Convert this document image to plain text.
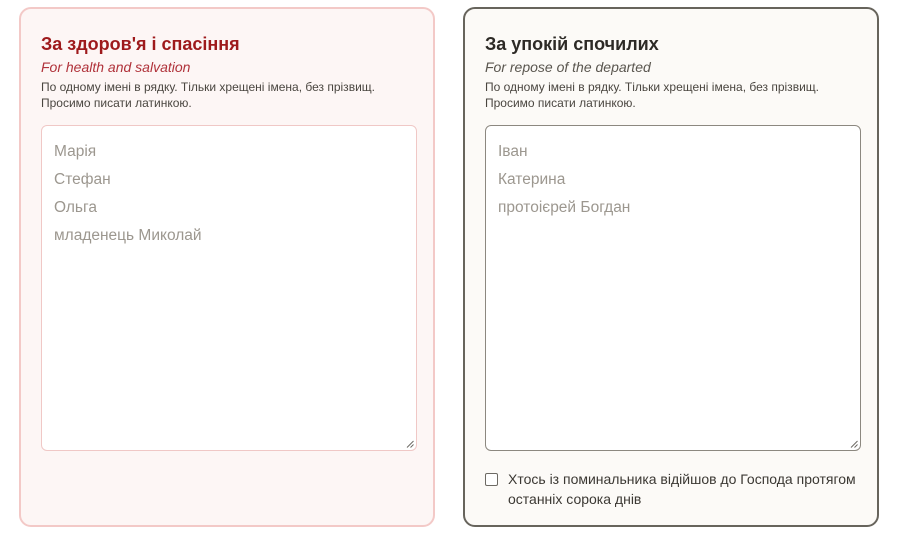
За здоров'я і спасіння

For health and salvation

По одному імені в рядку. Тільки хрещені імена, без прізвищ.
Просимо писати латинкою.

Марія
Стефан
Ольга
младенець Миколай
За упокій спочилих

For repose of the departed

По одному імені в рядку. Тільки хрещені імена, без прізвищ.
Просимо писати латинкою.

Іван
Катерина
протоієрей Богдан
Хтось із поминальника відійшов до Господа протягом останніх сорока днів
